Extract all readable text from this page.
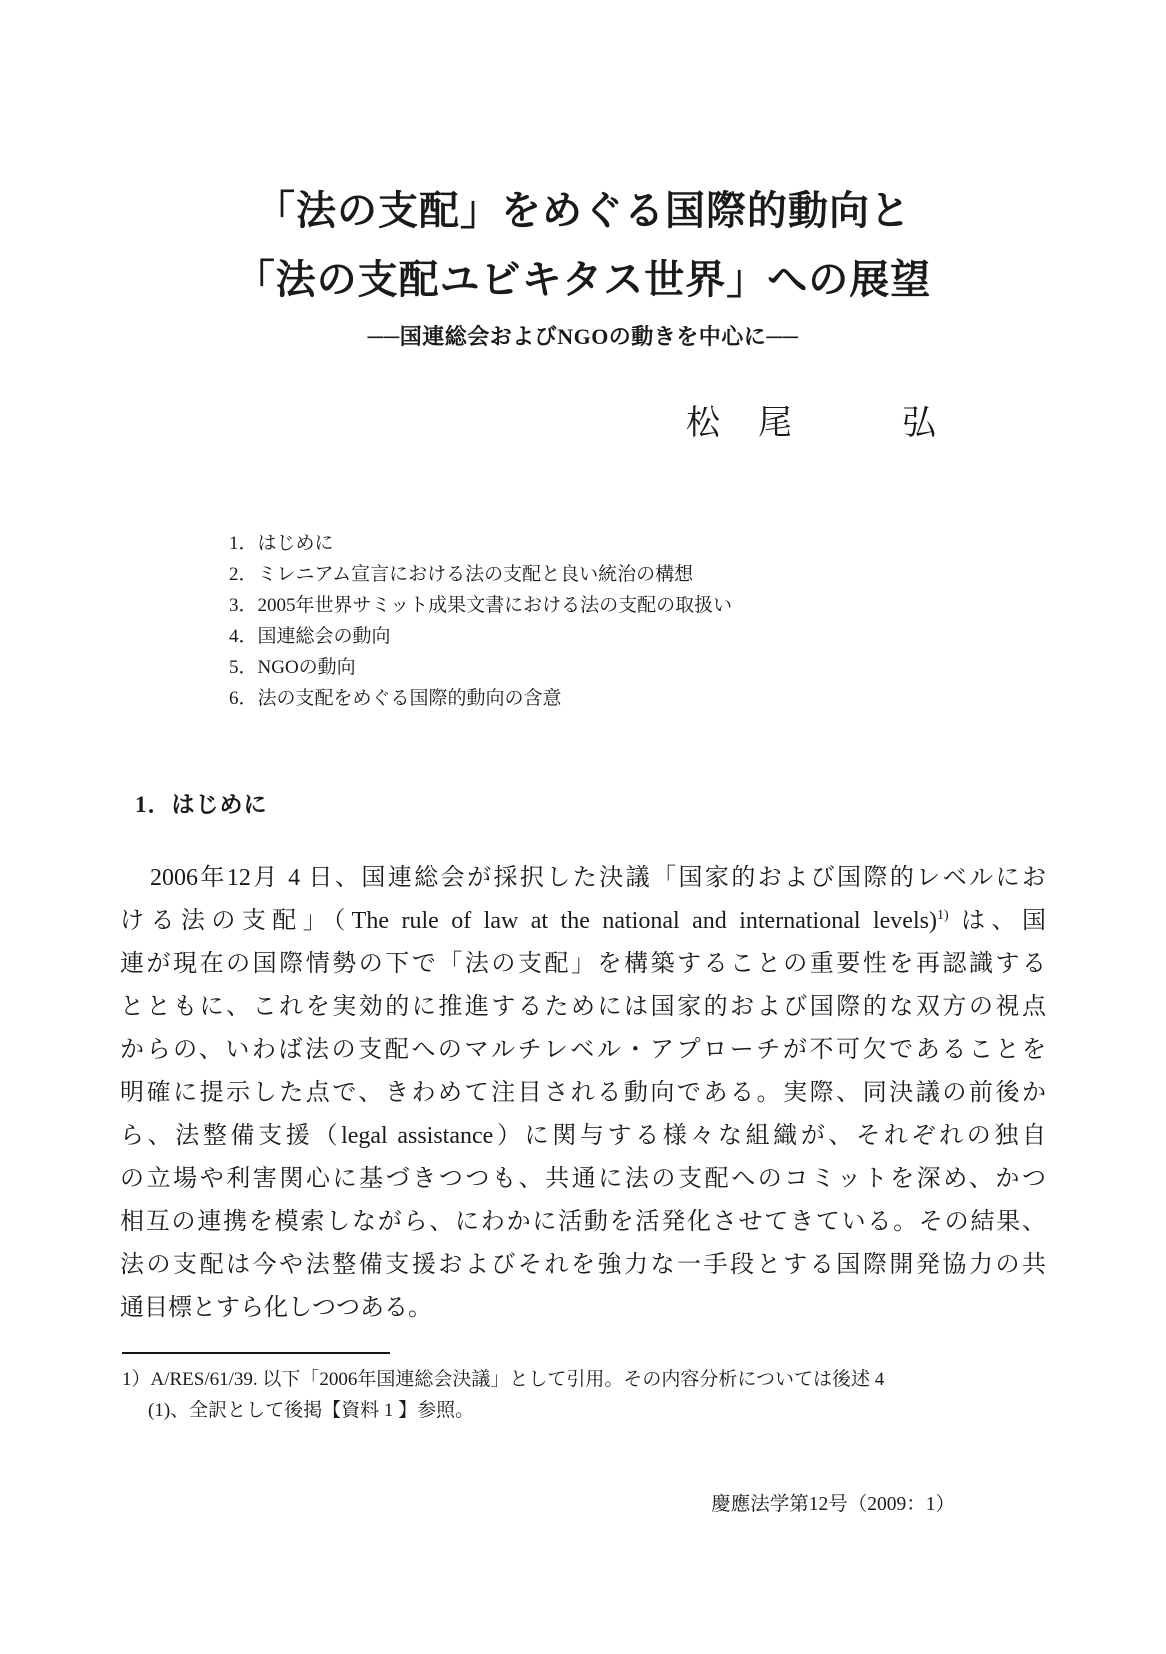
「法の支配」をめぐる国際的動向と
「法の支配ユビキタス世界」への展望
──国連総会およびNGOの動きを中心に──
松　尾　　　弘
1．はじめに
2．ミレニアム宣言における法の支配と良い統治の構想
3．2005年世界サミット成果文書における法の支配の取扱い
4．国連総会の動向
5．NGOの動向
6．法の支配をめぐる国際的動向の含意
1．はじめに
2006年12月 4 日、国連総会が採択した決議「国家的および国際的レベルにお
ける法の支配」（The rule of law at the national and international levels)$^{1)}$ は、国
連が現在の国際情勢の下で「法の支配」を構築することの重要性を再認識する
とともに、これを実効的に推進するためには国家的および国際的な双方の視点
からの、いわば法の支配へのマルチレベル・アプローチが不可欠であることを
明確に提示した点で、きわめて注目される動向である。実際、同決議の前後か
ら、法整備支援（legal assistance）に関与する様々な組織が、それぞれの独自
の立場や利害関心に基づきつつも、共通に法の支配へのコミットを深め、かつ
相互の連携を模索しながら、にわかに活動を活発化させてきている。その結果、
法の支配は今や法整備支援およびそれを強力な一手段とする国際開発協力の共
通目標とすら化しつつある。
1）A/RES/61/39. 以下「2006年国連総会決議」として引用。その内容分析については後述 4
(1)、全訳として後掲【資料 1 】参照。
慶應法学第12号（2009：1）
